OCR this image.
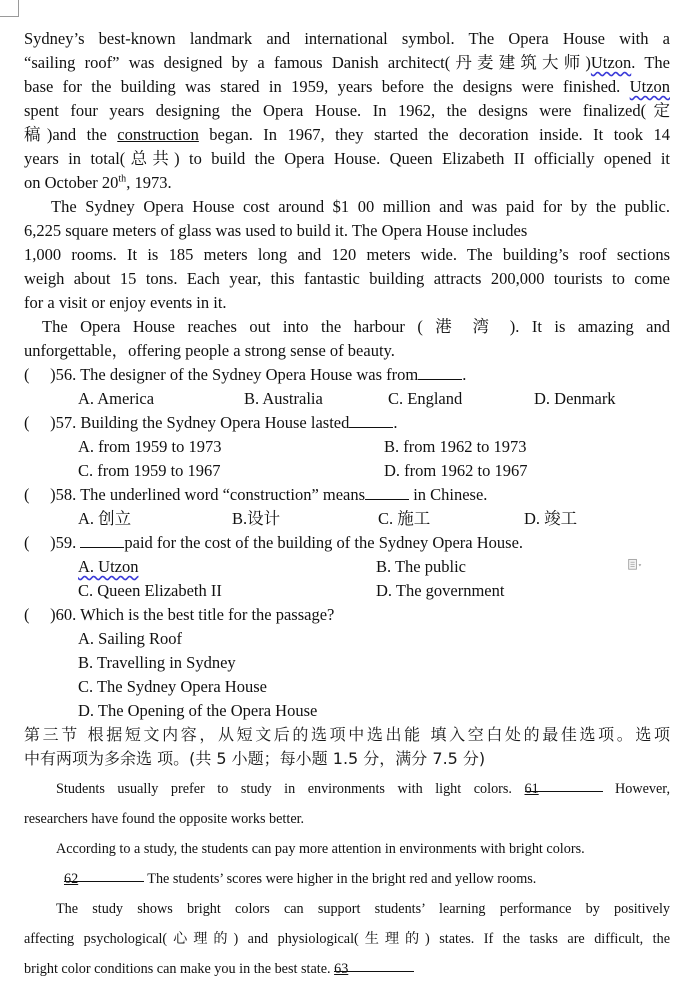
Sydney’s best-known landmark and international symbol. The Opera House with a
“sailing roof” was designed by a famous Danish architect(丹麦建筑大师)Utzon. The
base for the building was stared in 1959, years before the designs were finished. Utzon
spent four years designing the Opera House. In 1962, the designs were finalized(定
稿)and the construction began. In 1967, they started the decoration inside. It took 14
years in total(总共) to build the Opera House. Queen Elizabeth II officially opened it
on October 20th, 1973.
The Sydney Opera House cost around $1 00 million and was paid for by the public.
6,225 square meters of glass was used to build it. The Opera House includes
1,000 rooms. It is 185 meters long and 120 meters wide. The building’s roof sections
weigh about 15 tons. Each year, this fantastic building attracts 200,000 tourists to come
for a visit or enjoy events in it.
The Opera House reaches out into the harbour ( 港 湾 ). It is amazing and
unforgettable，offering people a strong sense of beauty.
(     )56. The designer of the Sydney Opera House was from	.
A. America	B. Australia	C. England	D. Denmark
(     )57. Building the Sydney Opera House lasted	.
A. from 1959 to 1973	B. from 1962 to 1973
C. from 1959 to 1967	D. from 1962 to 1967
(     )58. The underlined word “construction” means	in Chinese.
A. 创立	B.设计	C. 施工	D. 竣工
(     )59.	paid for the cost of the building of the Sydney Opera House.
A. Utzon	B. The public
C. Queen Elizabeth II	D. The government
(     )60. Which is the best title for the passage?
A. Sailing Roof
B. Travelling in Sydney
C. The Sydney Opera House
D. The Opening of the Opera House
第三节 根据短文内容，从短文后的选项中选出能 填入空白处的最佳选项。选项
中有两项为多余选 项。(共 5 小题；每小题 1.5 分，满分 7.5 分)
Students usually prefer to study in environments with light colors. 61	However,
researchers have found the opposite works better.
According to a study, the students can pay more attention in environments with bright colors.
62	The students’ scores were higher in the bright red and yellow rooms.
The study shows bright colors can support students’ learning performance by positively
affecting psychological(心理的) and physiological(生理的) states. If the tasks are difficult, the
bright color conditions can make you in the best state. 63
